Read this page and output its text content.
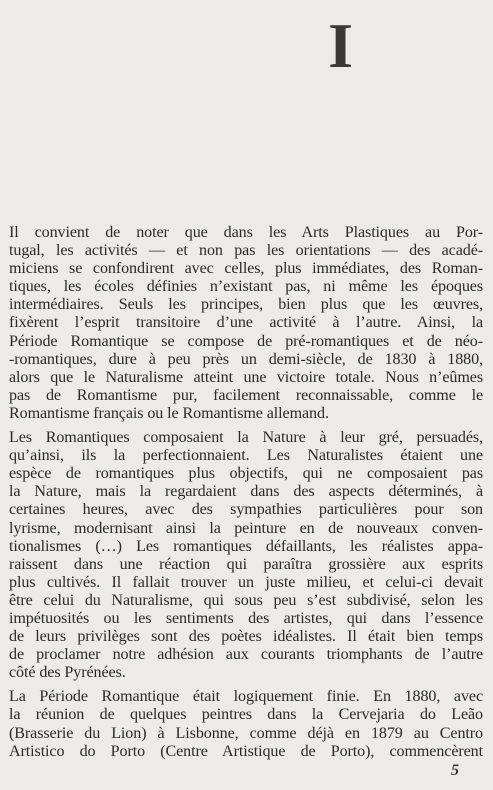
I
Il convient de noter que dans les Arts Plastiques au Por-
tugal, les activités — et non pas les orientations — des acadé-
miciens se confondirent avec celles, plus immédiates, des Roman-
tiques, les écoles définies n’existant pas, ni même les époques
intermédiaires. Seuls les principes, bien plus que les œuvres,
fixèrent l’esprit transitoire d’une activité à l’autre. Ainsi, la
Période Romantique se compose de pré-romantiques et de néo-
-romantiques, dure à peu près un demi-siècle, de 1830 à 1880,
alors que le Naturalisme atteint une victoire totale. Nous n’eûmes
pas de Romantisme pur, facilement reconnaissable, comme le
Romantisme français ou le Romantisme allemand.
Les Romantiques composaient la Nature à leur gré, persuadés,
qu’ainsi, ils la perfectionnaient. Les Naturalistes étaient une
espèce de romantiques plus objectifs, qui ne composaient pas
la Nature, mais la regardaient dans des aspects déterminés, à
certaines heures, avec des sympathies particulières pour son
lyrisme, modernisant ainsi la peinture en de nouveaux conven-
tionalismes (…) Les romantiques défaillants, les réalistes appa-
raissent dans une réaction qui paraîtra grossière aux esprits
plus cultivés. Il fallait trouver un juste milieu, et celui-ci devait
être celui du Naturalisme, qui sous peu s’est subdivisé, selon les
impétuosités ou les sentiments des artistes, qui dans l’essence
de leurs privilèges sont des poètes idéalistes. Il était bien temps
de proclamer notre adhésion aux courants triomphants de l’autre
côté des Pyrénées.
La Période Romantique était logiquement finie. En 1880, avec
la réunion de quelques peintres dans la Cervejaria do Leão
(Brasserie du Lion) à Lisbonne, comme déjà en 1879 au Centro
Artistico do Porto (Centre Artistique de Porto), commencèrent
5
